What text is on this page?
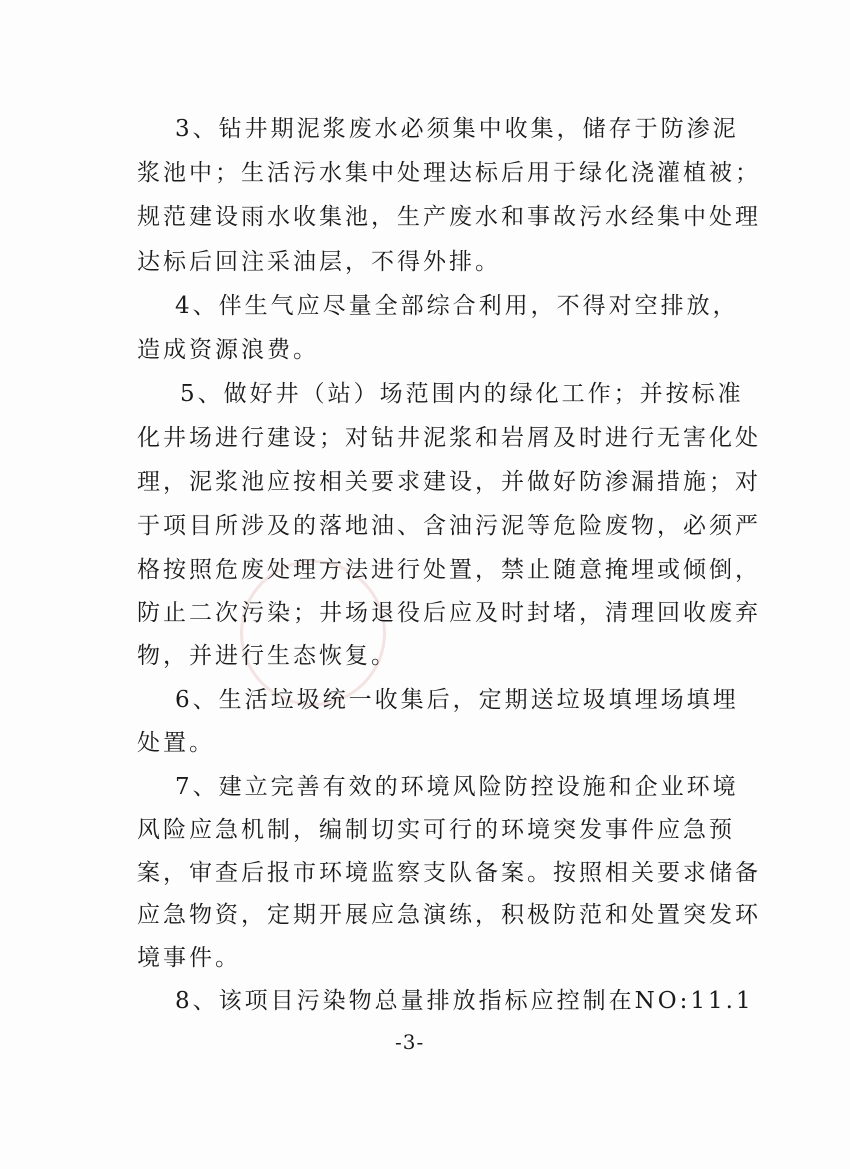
3、钻井期泥浆废水必须集中收集，储存于防渗泥
浆池中；生活污水集中处理达标后用于绿化浇灌植被；
规范建设雨水收集池，生产废水和事故污水经集中处理
达标后回注采油层，不得外排。
4、伴生气应尽量全部综合利用，不得对空排放，
造成资源浪费。
5、做好井（站）场范围内的绿化工作；并按标准
化井场进行建设；对钻井泥浆和岩屑及时进行无害化处
理，泥浆池应按相关要求建设，并做好防渗漏措施；对
于项目所涉及的落地油、含油污泥等危险废物，必须严
格按照危废处理方法进行处置，禁止随意掩埋或倾倒，
防止二次污染；井场退役后应及时封堵，清理回收废弃
物，并进行生态恢复。
6、生活垃圾统一收集后，定期送垃圾填埋场填埋
处置。
7、建立完善有效的环境风险防控设施和企业环境
风险应急机制，编制切实可行的环境突发事件应急预
案，审查后报市环境监察支队备案。按照相关要求储备
应急物资，定期开展应急演练，积极防范和处置突发环
境事件。
8、该项目污染物总量排放指标应控制在NO:11.1
-3-
